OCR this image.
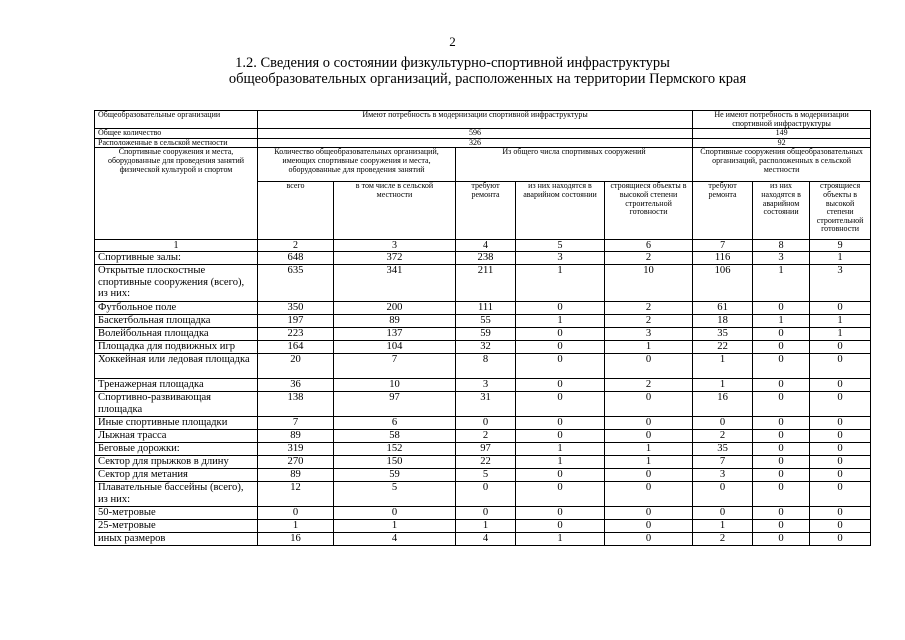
2
1.2. Сведения о состоянии физкультурно-спортивной инфраструктуры
общеобразовательных организаций, расположенных на территории Пермского края
Общеобразовательные организации	Имеют потребность в модернизации спортивной инфраструктуры					Не имеют потребность в модернизации спортивной инфраструктуры		
Общее количество	596					149		
Расположенные в сельской местности	326					92		
Спортивные сооружения и места, оборудованные для проведения занятий физической культурой и спортом	Количество общеобразовательных организаций, имеющих спортивные сооружения и места, оборудованные для проведения занятий		Из общего числа спортивных сооружений			Спортивные сооружения общеобразовательных организаций, расположенных в сельской местности		
	всего	в том числе в сельской местности	требуют ремонта	из них находятся в аварийном состоянии	строящиеся объекты в высокой степени строительной готовности	требуют ремонта	из них находятся в аварийном состоянии	строящиеся объекты в высокой степени строительной готовности
1	2	3	4	5	6	7	8	9
Спортивные залы:	648	372	238	3	2	116	3	1
Открытые плоскостные спортивные сооружения (всего), из них:	635	341	211	1	10	106	1	3
Футбольное поле	350	200	111	0	2	61	0	0
Баскетбольная площадка	197	89	55	1	2	18	1	1
Волейбольная площадка	223	137	59	0	3	35	0	1
Площадка для подвижных игр	164	104	32	0	1	22	0	0
Хоккейная или ледовая площадка	20	7	8	0	0	1	0	0
Тренажерная площадка	36	10	3	0	2	1	0	0
Спортивно-развивающая площадка	138	97	31	0	0	16	0	0
Иные спортивные площадки	7	6	0	0	0	0	0	0
Лыжная трасса	89	58	2	0	0	2	0	0
Беговые дорожки:	319	152	97	1	1	35	0	0
Сектор для прыжков в длину	270	150	22	1	1	7	0	0
Сектор для метания	89	59	5	0	0	3	0	0
Плавательные бассейны (всего), из них:	12	5	0	0	0	0	0	0
50-метровые	0	0	0	0	0	0	0	0
25-метровые	1	1	1	0	0	1	0	0
иных размеров	16	4	4	1	0	2	0	0
